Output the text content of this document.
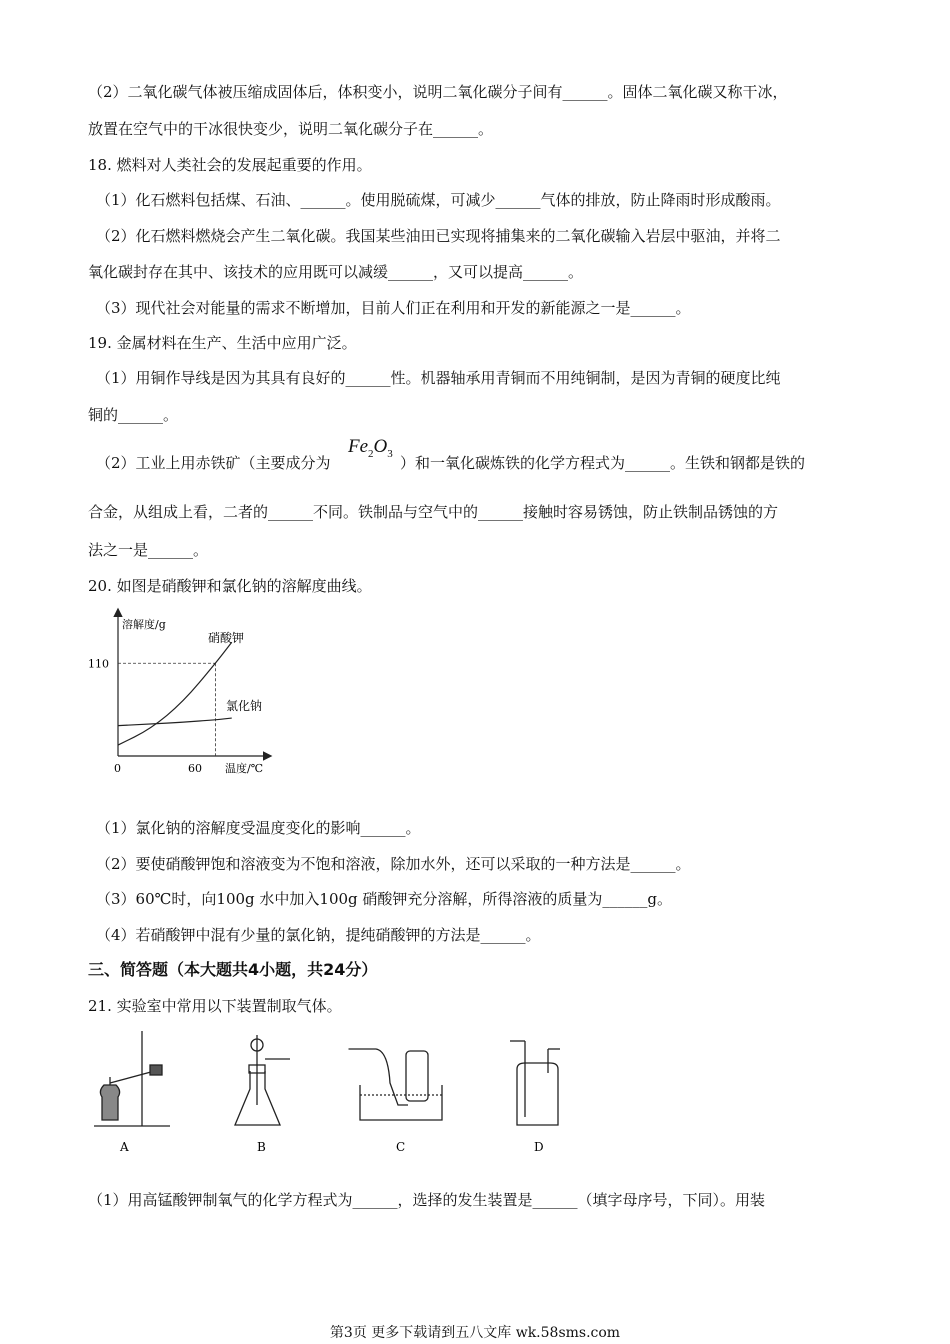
（2）二氧化碳气体被压缩成固体后，体积变小，说明二氧化碳分子间有______。固体二氧化碳又称干冰，
放置在空气中的干冰很快变少，说明二氧化碳分子在______。
18. 燃料对人类社会的发展起重要的作用。
（1）化石燃料包括煤、石油、______。使用脱硫煤，可减少______气体的排放，防止降雨时形成酸雨。
（2）化石燃料燃烧会产生二氧化碳。我国某些油田已实现将捕集来的二氧化碳输入岩层中驱油，并将二
氧化碳封存在其中、该技术的应用既可以减缓______，又可以提高______。
（3）现代社会对能量的需求不断增加，目前人们正在利用和开发的新能源之一是______。
19. 金属材料在生产、生活中应用广泛。
（1）用铜作导线是因为其具有良好的______性。机器轴承用青铜而不用纯铜制，是因为青铜的硬度比纯
铜的______。
（2）工业上用赤铁矿（主要成分为
$Fe_2O_3$
）和一氧化碳炼铁的化学方程式为______。生铁和钢都是铁的
合金，从组成上看，二者的______不同。铁制品与空气中的______接触时容易锈蚀，防止铁制品锈蚀的方
法之一是______。
20. 如图是硝酸钾和氯化钠的溶解度曲线。
溶解度/g
温度/℃
0	60
110
硝酸钾
氯化钠
（1）氯化钠的溶解度受温度变化的影响______。
（2）要使硝酸钾饱和溶液变为不饱和溶液，除加水外，还可以采取的一种方法是______。
（3）60℃时，向100g 水中加入100g 硝酸钾充分溶解，所得溶液的质量为______g。
（4）若硝酸钾中混有少量的氯化钠，提纯硝酸钾的方法是______。
三、简答题（本大题共4小题，共24分）
21. 实验室中常用以下装置制取气体。
A	B	C	D
（1）用高锰酸钾制氧气的化学方程式为______，选择的发生装置是______（填字母序号，下同）。用装
第3页 更多下载请到五八文库 wk.58sms.com
